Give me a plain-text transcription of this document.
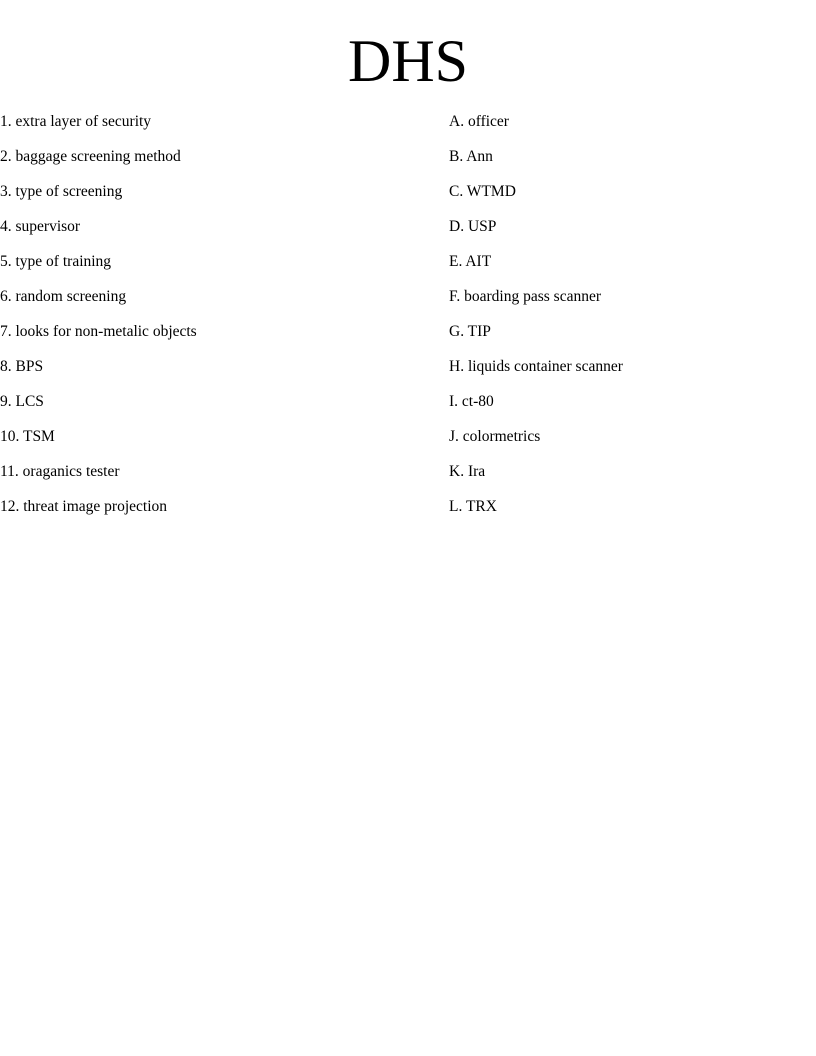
DHS
1. extra layer of security
2. baggage screening method
3. type of screening
4. supervisor
5. type of training
6. random screening
7. looks for non-metalic objects
8. BPS
9. LCS
10. TSM
11. oraganics tester
12. threat image projection
A. officer
B. Ann
C. WTMD
D. USP
E. AIT
F. boarding pass scanner
G. TIP
H. liquids container scanner
I. ct-80
J. colormetrics
K. Ira
L. TRX
